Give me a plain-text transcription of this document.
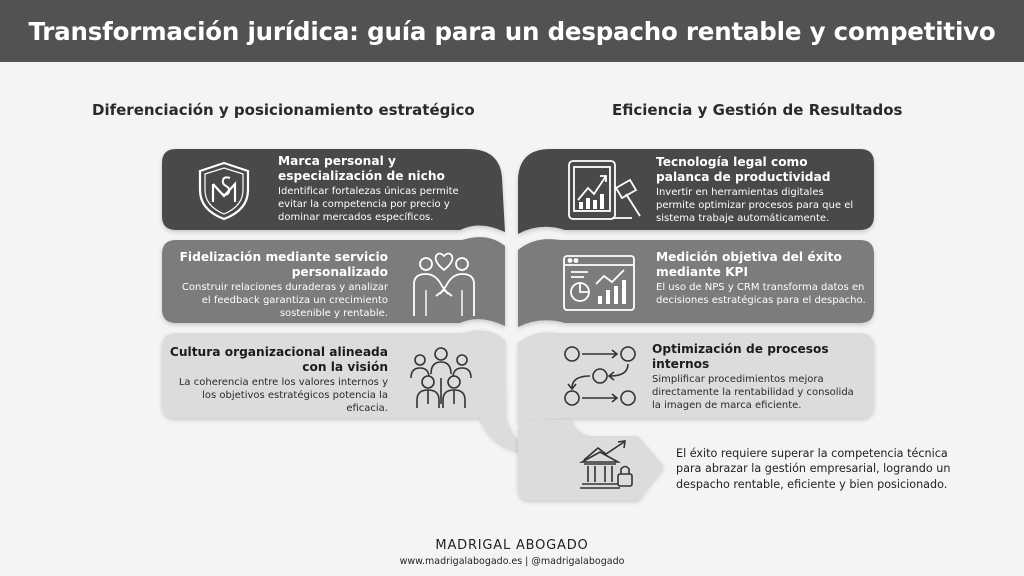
Transformación jurídica: guía para un despacho rentable y competitivo
Diferenciación y posicionamiento estratégico	Eficiencia y Gestión de Resultados
Marca personal y especialización de nicho

Identificar fortalezas únicas permite evitar la competencia por precio y dominar mercados específicos.

Fidelización mediante servicio personalizado

Construir relaciones duraderas y analizar el feedback garantiza un crecimiento sostenible y rentable.

Cultura organizacional alineada con la visión

La coherencia entre los valores internos y los objetivos estratégicos potencia la eficacia.

Tecnología legal como palanca de productividad

Invertir en herramientas digitales permite optimizar procesos para que el sistema trabaje automáticamente.

Medición objetiva del éxito mediante KPI

El uso de NPS y CRM transforma datos en decisiones estratégicas para el despacho.

Optimización de procesos internos

Simplificar procedimientos mejora directamente la rentabilidad y consolida la imagen de marca eficiente.

El éxito requiere superar la competencia técnica para abrazar la gestión empresarial, logrando un despacho rentable, eficiente y bien posicionado.
MADRIGAL ABOGADO
www.madrigalabogado.es | @madrigalabogado
